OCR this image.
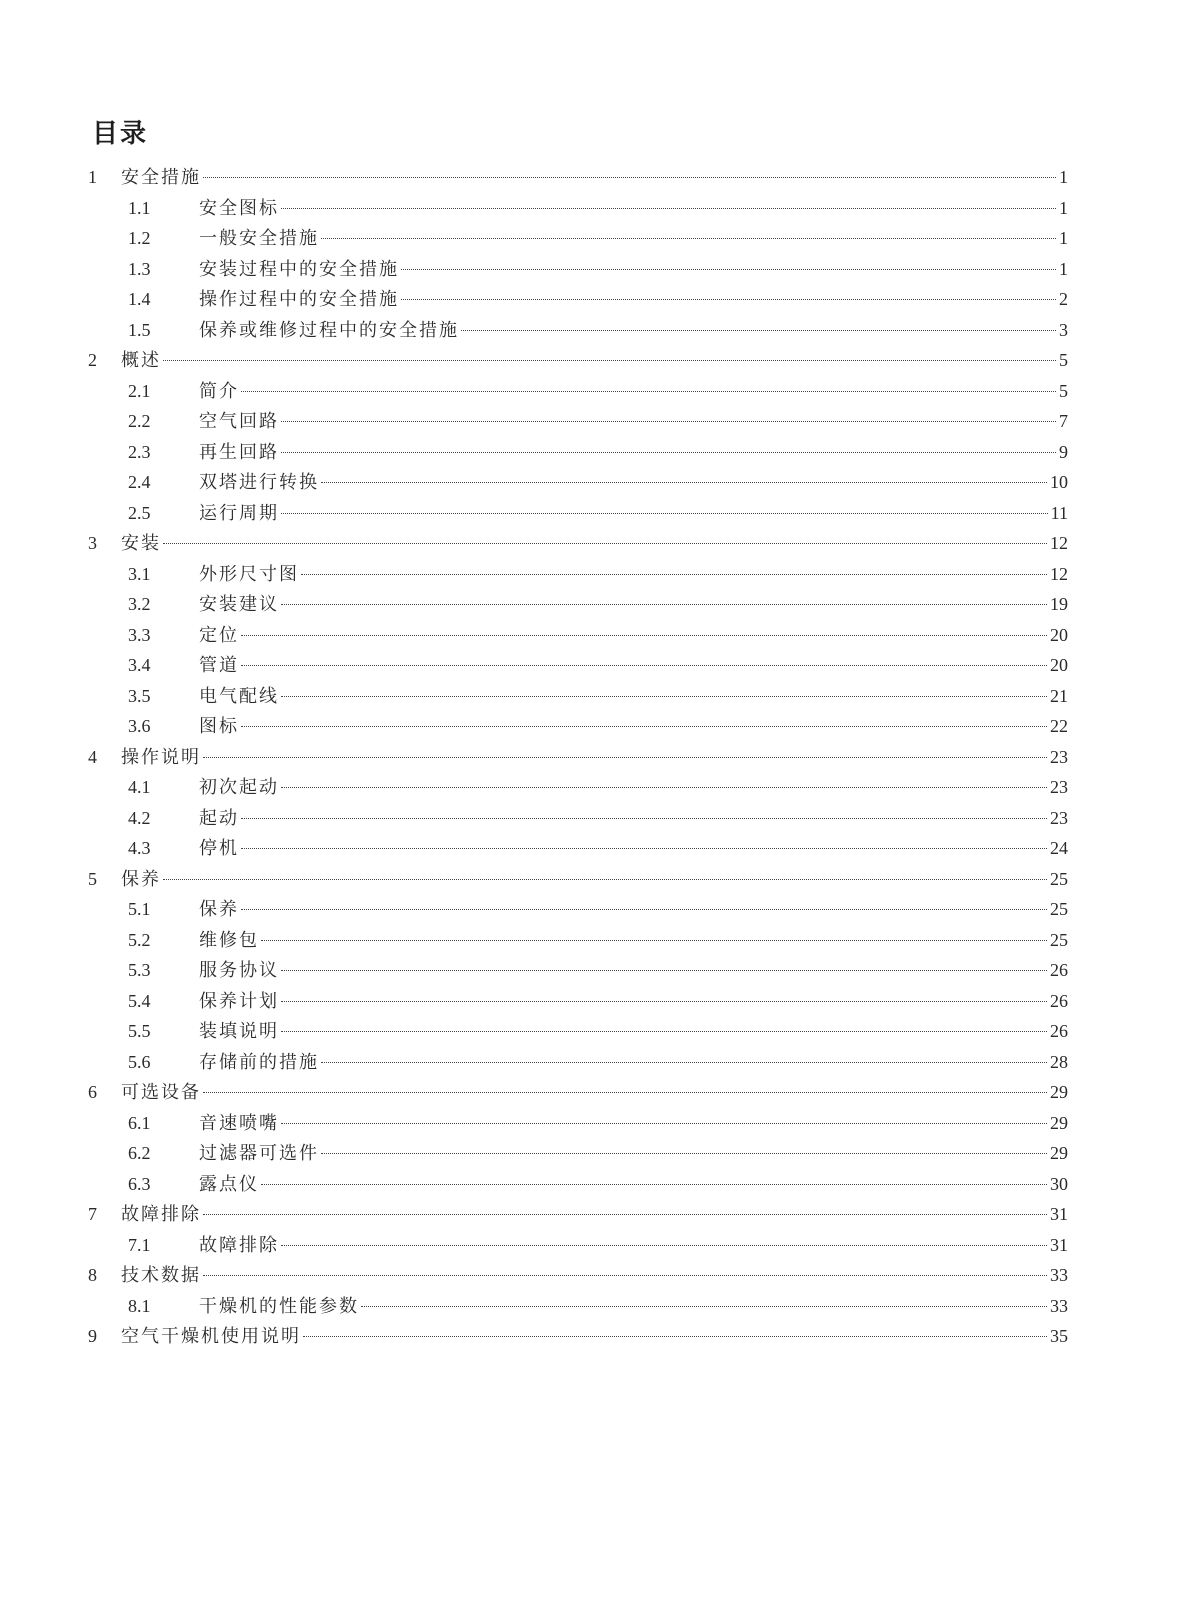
目录
1	安全措施	1
1.1	安全图标	1
1.2	一般安全措施	1
1.3	安装过程中的安全措施	1
1.4	操作过程中的安全措施	2
1.5	保养或维修过程中的安全措施	3
2	概述	5
2.1	简介	5
2.2	空气回路	7
2.3	再生回路	9
2.4	双塔进行转换	10
2.5	运行周期	11
3	安装	12
3.1	外形尺寸图	12
3.2	安装建议	19
3.3	定位	20
3.4	管道	20
3.5	电气配线	21
3.6	图标	22
4	操作说明	23
4.1	初次起动	23
4.2	起动	23
4.3	停机	24
5	保养	25
5.1	保养	25
5.2	维修包	25
5.3	服务协议	26
5.4	保养计划	26
5.5	装填说明	26
5.6	存储前的措施	28
6	可选设备	29
6.1	音速喷嘴	29
6.2	过滤器可选件	29
6.3	露点仪	30
7	故障排除	31
7.1	故障排除	31
8	技术数据	33
8.1	干燥机的性能参数	33
9	空气干燥机使用说明	35
